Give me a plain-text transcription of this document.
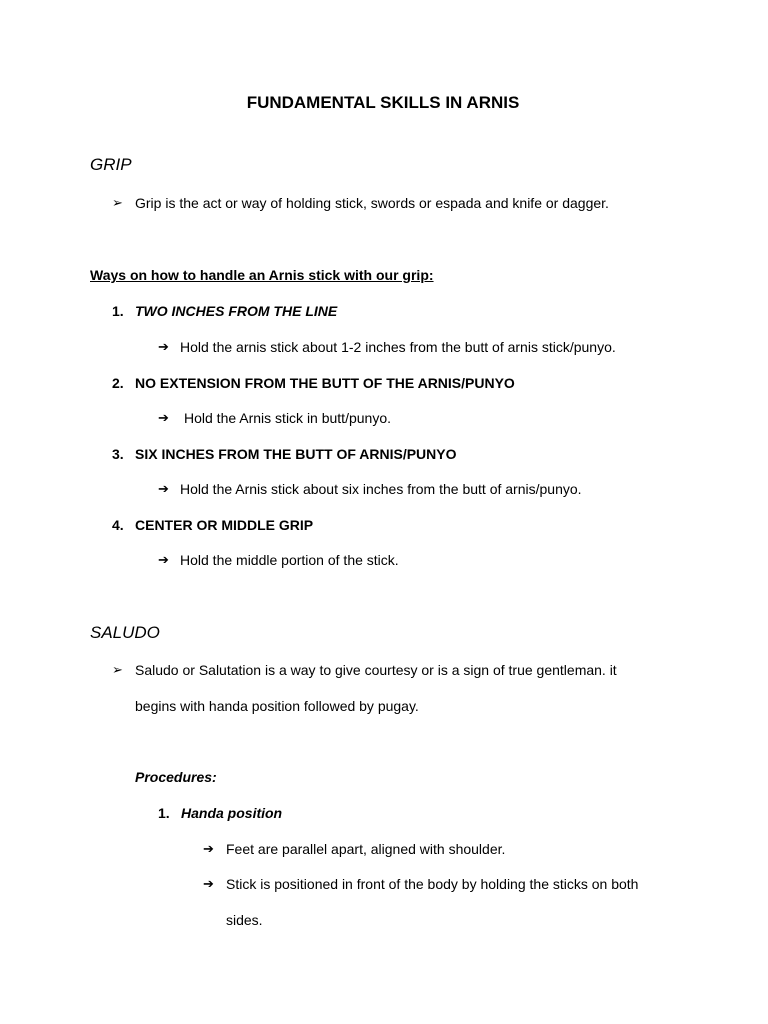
FUNDAMENTAL SKILLS IN ARNIS
GRIP
➢ Grip is the act or way of holding stick, swords or espada and knife or dagger.
Ways on how to handle an Arnis stick with our grip:
1. TWO INCHES FROM THE LINE
➔ Hold the arnis stick about 1-2 inches from the butt of arnis stick/punyo.
2. NO EXTENSION FROM THE BUTT OF THE ARNIS/PUNYO
➔ Hold the Arnis stick in butt/punyo.
3. SIX INCHES FROM THE BUTT OF ARNIS/PUNYO
➔ Hold the Arnis stick about six inches from the butt of arnis/punyo.
4. CENTER OR MIDDLE GRIP
➔ Hold the middle portion of the stick.
SALUDO
➢ Saludo or Salutation is a way to give courtesy or is a sign of true gentleman. it
begins with handa position followed by pugay.
Procedures:
1. Handa position
➔ Feet are parallel apart, aligned with shoulder.
➔ Stick is positioned in front of the body by holding the sticks on both
sides.
